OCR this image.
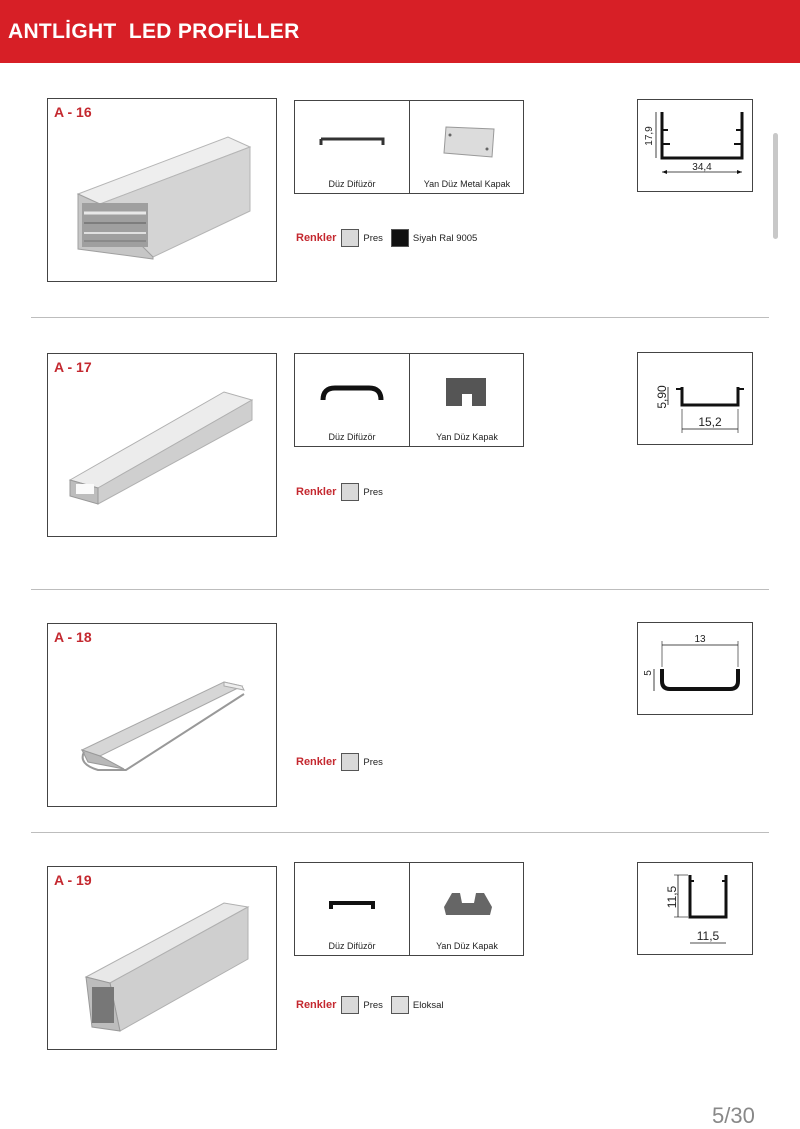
ANTLİGHT  LED PROFİLLER
A - 16
Düz Difüzör	Yan Düz Metal Kapak
Renkler	Pres	Siyah Ral 9005
17,9
34,4
A - 17
Düz Difüzör	Yan Düz Kapak
Renkler	Pres
5,90
15,2
A - 18
Renkler	Pres
13
5
A - 19
Düz Difüzör	Yan Düz Kapak
Renkler	Pres	Eloksal
11,5
11,5
5/30
